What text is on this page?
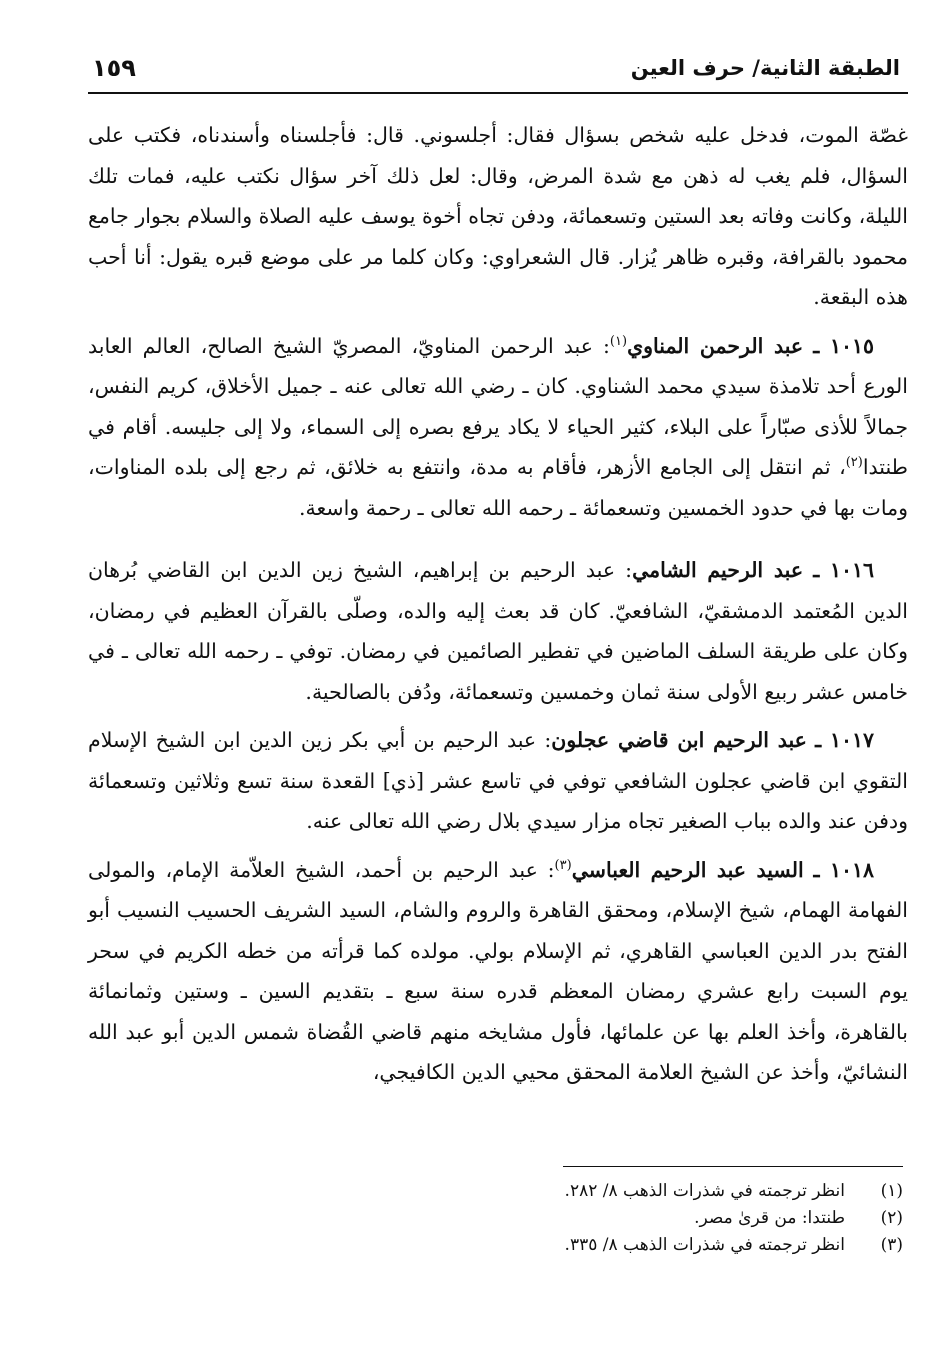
الطبقة الثانية/ حرف العين
١٥٩

غصّة الموت، فدخل عليه شخص بسؤال فقال: أجلسوني. قال: فأجلسناه وأسندناه، فكتب على السؤال، فلم يغب له ذهن مع شدة المرض، وقال: لعل ذلك آخر سؤال نكتب عليه، فمات تلك الليلة، وكانت وفاته بعد الستين وتسعمائة، ودفن تجاه أخوة يوسف عليه الصلاة والسلام بجوار جامع محمود بالقرافة، وقبره ظاهر يُزار. قال الشعراوي: وكان كلما مر على موضع قبره يقول: أنا أحب هذه البقعة.

١٠١٥ ـ عبد الرحمن المناوي$^{(١)}$: عبد الرحمن المناويّ، المصريّ الشيخ الصالح، العالم العابد الورع أحد تلامذة سيدي محمد الشناوي. كان ـ رضي الله تعالى عنه ـ جميل الأخلاق، كريم النفس، جمالاً للأذى صبّاراً على البلاء، كثير الحياء لا يكاد يرفع بصره إلى السماء، ولا إلى جليسه. أقام في طنتدا$^{(٢)}$، ثم انتقل إلى الجامع الأزهر، فأقام به مدة، وانتفع به خلائق، ثم رجع إلى بلده المناوات، ومات بها في حدود الخمسين وتسعمائة ـ رحمه الله تعالى ـ رحمة واسعة.

١٠١٦ ـ عبد الرحيم الشامي: عبد الرحيم بن إبراهيم، الشيخ زين الدين ابن القاضي بُرهان الدين المُعتمد الدمشقيّ، الشافعيّ. كان قد بعث إليه والده، وصلّى بالقرآن العظيم في رمضان، وكان على طريقة السلف الماضين في تفطير الصائمين في رمضان. توفي ـ رحمه الله تعالى ـ في خامس عشر ربيع الأولى سنة ثمان وخمسين وتسعمائة، ودُفن بالصالحية.

١٠١٧ ـ عبد الرحيم ابن قاضي عجلون: عبد الرحيم بن أبي بكر زين الدين ابن الشيخ الإسلام التقوي ابن قاضي عجلون الشافعي توفي في تاسع عشر [ذي] القعدة سنة تسع وثلاثين وتسعمائة ودفن عند والده بباب الصغير تجاه مزار سيدي بلال رضي الله تعالى عنه.

١٠١٨ ـ السيد عبد الرحيم العباسي$^{(٣)}$: عبد الرحيم بن أحمد، الشيخ العلاّمة الإمام، والمولى الفهامة الهمام، شيخ الإسلام، ومحقق القاهرة والروم والشام، السيد الشريف الحسيب النسيب أبو الفتح بدر الدين العباسي القاهري، ثم الإسلام بولي. مولده كما قرأته من خطه الكريم في سحر يوم السبت رابع عشري رمضان المعظم قدره سنة سبع ـ بتقديم السين ـ وستين وثمانمائة بالقاهرة، وأخذ العلم بها عن علمائها، فأول مشايخه منهم قاضي القُضاة شمس الدين أبو عبد الله النشائيّ، وأخذ عن الشيخ العلامة المحقق محيي الدين الكافيجي،

(١)
انظر ترجمته في شذرات الذهب ٨/ ٢٨٢.
(٢)
طنتدا: من قرىٰ مصر.
(٣)
انظر ترجمته في شذرات الذهب ٨/ ٣٣٥.
